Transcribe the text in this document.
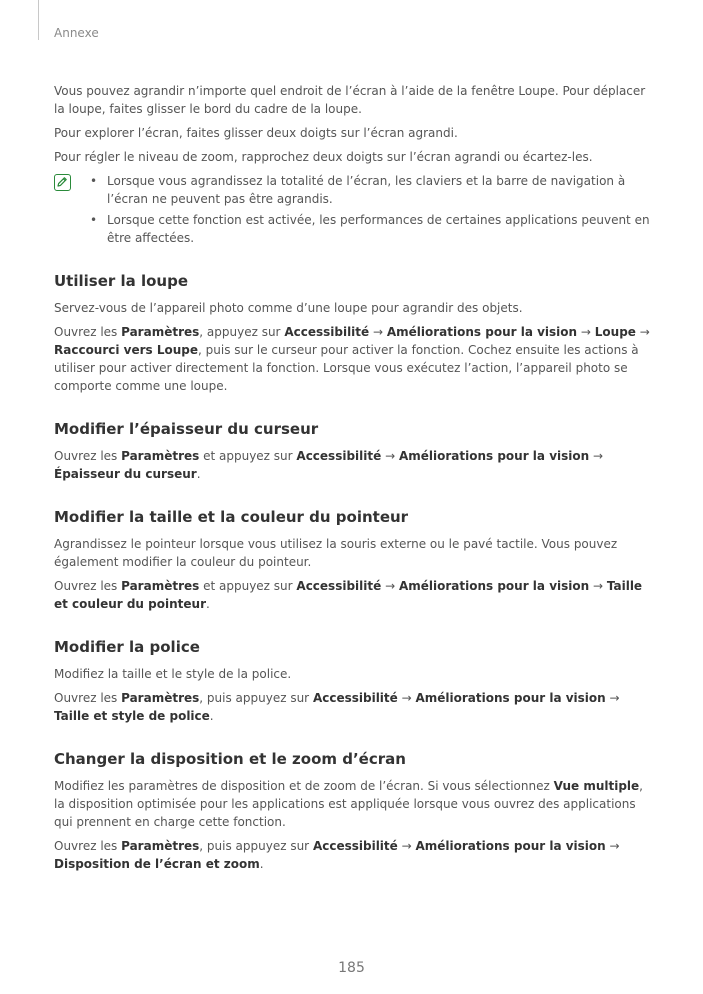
Annexe

Vous pouvez agrandir n’importe quel endroit de l’écran à l’aide de la fenêtre Loupe. Pour déplacer la loupe, faites glisser le bord du cadre de la loupe.

Pour explorer l’écran, faites glisser deux doigts sur l’écran agrandi.

Pour régler le niveau de zoom, rapprochez deux doigts sur l’écran agrandi ou écartez-les.

• Lorsque vous agrandissez la totalité de l’écran, les claviers et la barre de navigation à l’écran ne peuvent pas être agrandis.
• Lorsque cette fonction est activée, les performances de certaines applications peuvent en être affectées.
Utiliser la loupe

Servez-vous de l’appareil photo comme d’une loupe pour agrandir des objets.

Ouvrez les Paramètres, appuyez sur Accessibilité → Améliorations pour la vision → Loupe → Raccourci vers Loupe, puis sur le curseur pour activer la fonction. Cochez ensuite les actions à utiliser pour activer directement la fonction. Lorsque vous exécutez l’action, l’appareil photo se comporte comme une loupe.

Modifier l’épaisseur du curseur

Ouvrez les Paramètres et appuyez sur Accessibilité → Améliorations pour la vision → Épaisseur du curseur.

Modifier la taille et la couleur du pointeur

Agrandissez le pointeur lorsque vous utilisez la souris externe ou le pavé tactile. Vous pouvez également modifier la couleur du pointeur.

Ouvrez les Paramètres et appuyez sur Accessibilité → Améliorations pour la vision → Taille et couleur du pointeur.

Modifier la police

Modifiez la taille et le style de la police.

Ouvrez les Paramètres, puis appuyez sur Accessibilité → Améliorations pour la vision → Taille et style de police.

Changer la disposition et le zoom d’écran

Modifiez les paramètres de disposition et de zoom de l’écran. Si vous sélectionnez Vue multiple, la disposition optimisée pour les applications est appliquée lorsque vous ouvrez des applications qui prennent en charge cette fonction.

Ouvrez les Paramètres, puis appuyez sur Accessibilité → Améliorations pour la vision → Disposition de l’écran et zoom.

185
